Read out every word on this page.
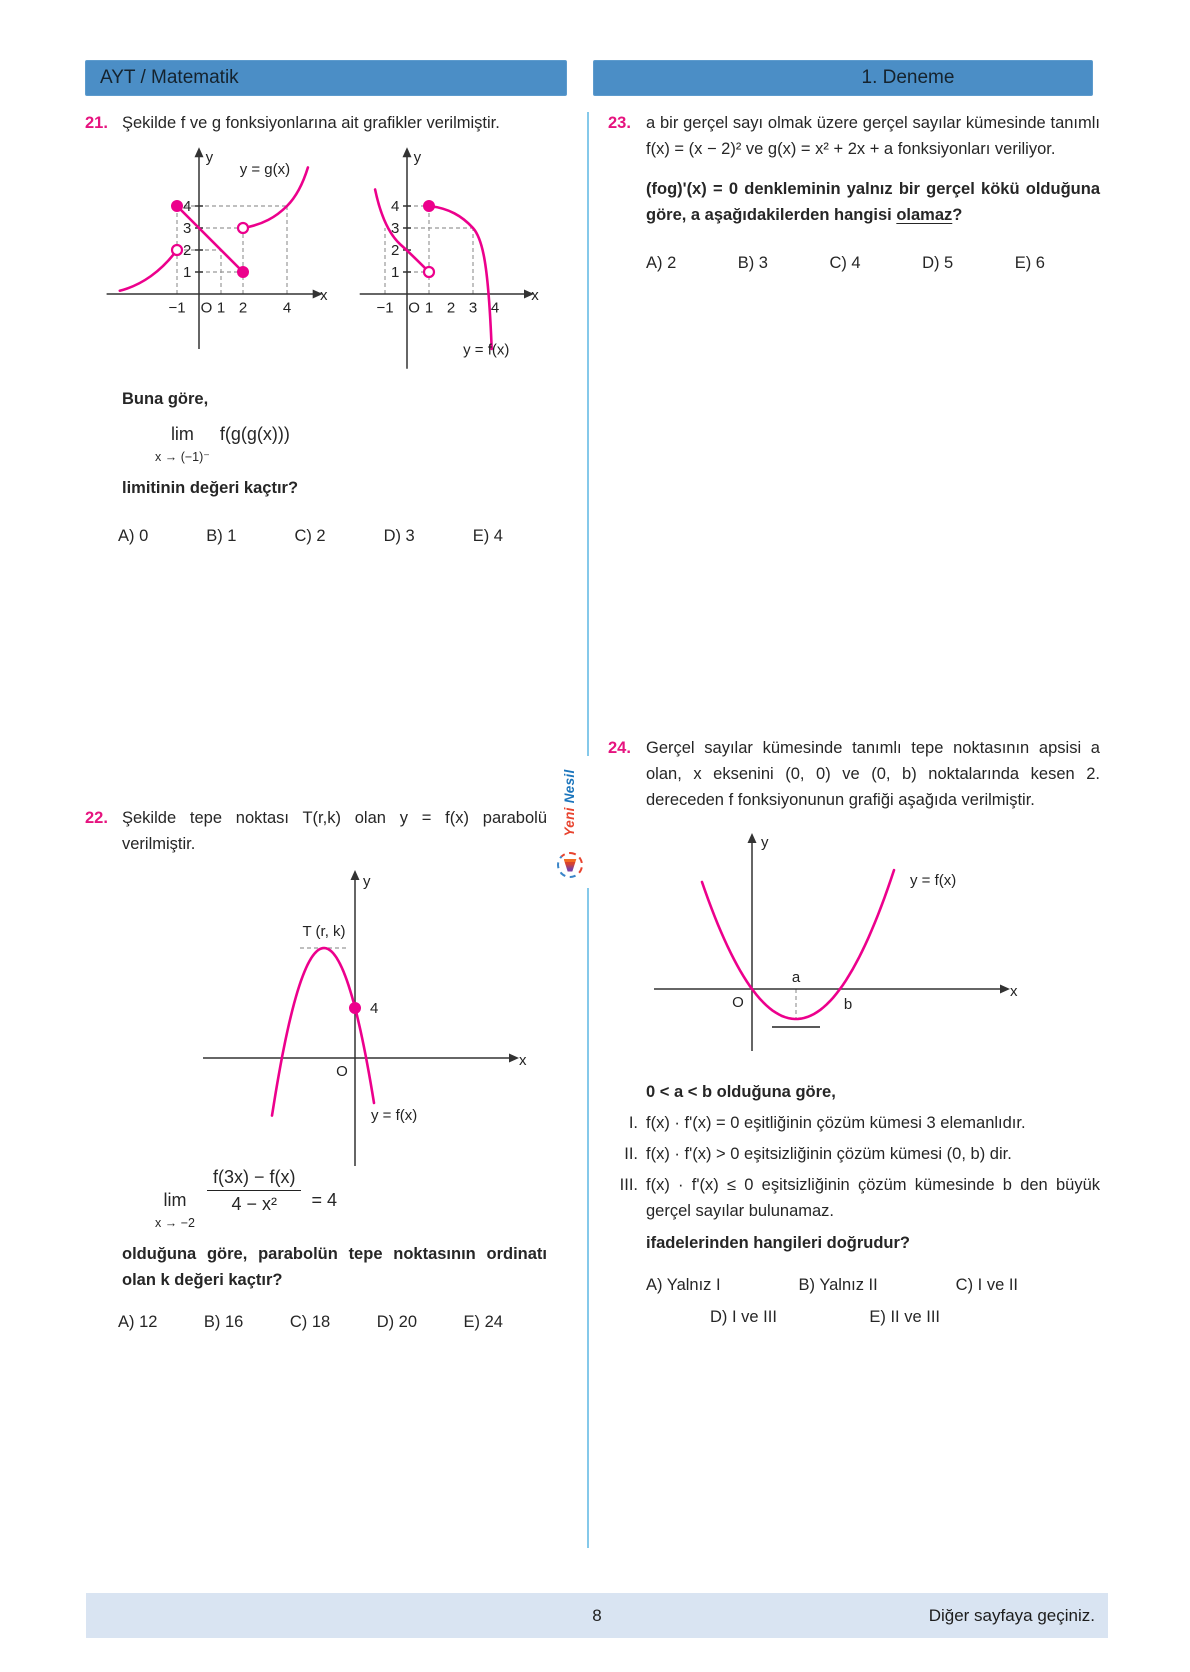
AYT / Matematik	1. Deneme
21. Şekilde f ve g fonksiyonlarına ait grafikler verilmiştir.

y
x
O
−1 1 2 4
4
3
2
1
y = g(x)
y
x
O
−1 1 2 3 4
4
3
2
1
y = f(x)

Buna göre,

lim
x → (−1)⁻
f(g(g(x)))

limitinin değeri kaçtır?

A) 0	B) 1	C) 2	D) 3	E) 4
22. Şekilde tepe noktası T(r,k) olan y = f(x) parabolü verilmiştir.

y
x
O
4
T (r, k)
y = f(x)
lim
x → −2
$\frac{f(3x) - f(x)}{\text{4 − x²}} = 4$

olduğuna göre, parabolün tepe noktasının ordinatı olan k değeri kaçtır?

A) 12	B) 16	C) 18	D) 20	E) 24
23. a bir gerçel sayı olmak üzere gerçel sayılar kümesinde tanımlı f(x) = (x − 2)² ve g(x) = x² + 2x + a fonksiyonları veriliyor.

(fog)'(x) = 0 denkleminin yalnız bir gerçel kökü olduğuna göre, a aşağıdakilerden hangisi olamaz?

A) 2	B) 3	C) 4	D) 5	E) 6
24. Gerçel sayılar kümesinde tanımlı tepe noktasının apsisi a olan, x eksenini (0, 0) ve (0, b) noktalarında kesen 2. dereceden f fonksiyonunun grafiği aşağıda verilmiştir.

y
x
O
a
b
y = f(x)

0 < a < b olduğuna göre,

I. f(x) · f'(x) = 0 eşitliğinin çözüm kümesi 3 elemanlıdır.

II. f(x) · f'(x) > 0 eşitsizliğinin çözüm kümesi (0, b) dir.

III. f(x) · f'(x) ≤ 0 eşitsizliğinin çözüm kümesinde b den büyük gerçel sayılar bulunamaz.

ifadelerinden hangileri doğrudur?

A) Yalnız I	B) Yalnız II	C) I ve II
D) I ve III	E) II ve III
Yeni Nesil
8	Diğer sayfaya geçiniz.
